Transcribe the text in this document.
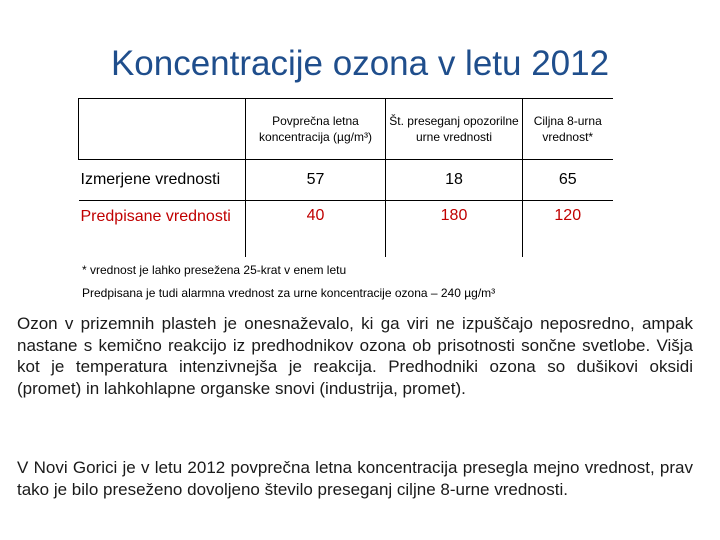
Koncentracije ozona v letu 2012
	Povprečna letna koncentracija (µg/m³)	Št. preseganj opozorilne urne vrednosti	Ciljna 8-urna vrednost*
Izmerjene vrednosti	57	18	65
Predpisane vrednosti	40	180	120
* vrednost je lahko presežena 25-krat v enem letu
Predpisana je tudi alarmna vrednost za urne koncentracije ozona – 240 µg/m³

Ozon v prizemnih plasteh je onesnaževalo, ki ga viri ne izpuščajo neposredno, ampak nastane s kemično reakcijo iz predhodnikov ozona ob prisotnosti sončne svetlobe. Višja kot je temperatura intenzivnejša je reakcija. Predhodniki ozona so dušikovi oksidi (promet) in lahkohlapne organske snovi (industrija, promet).

V Novi Gorici je v letu 2012 povprečna letna koncentracija presegla mejno vrednost, prav tako je bilo preseženo dovoljeno število preseganj ciljne 8-urne vrednosti.
